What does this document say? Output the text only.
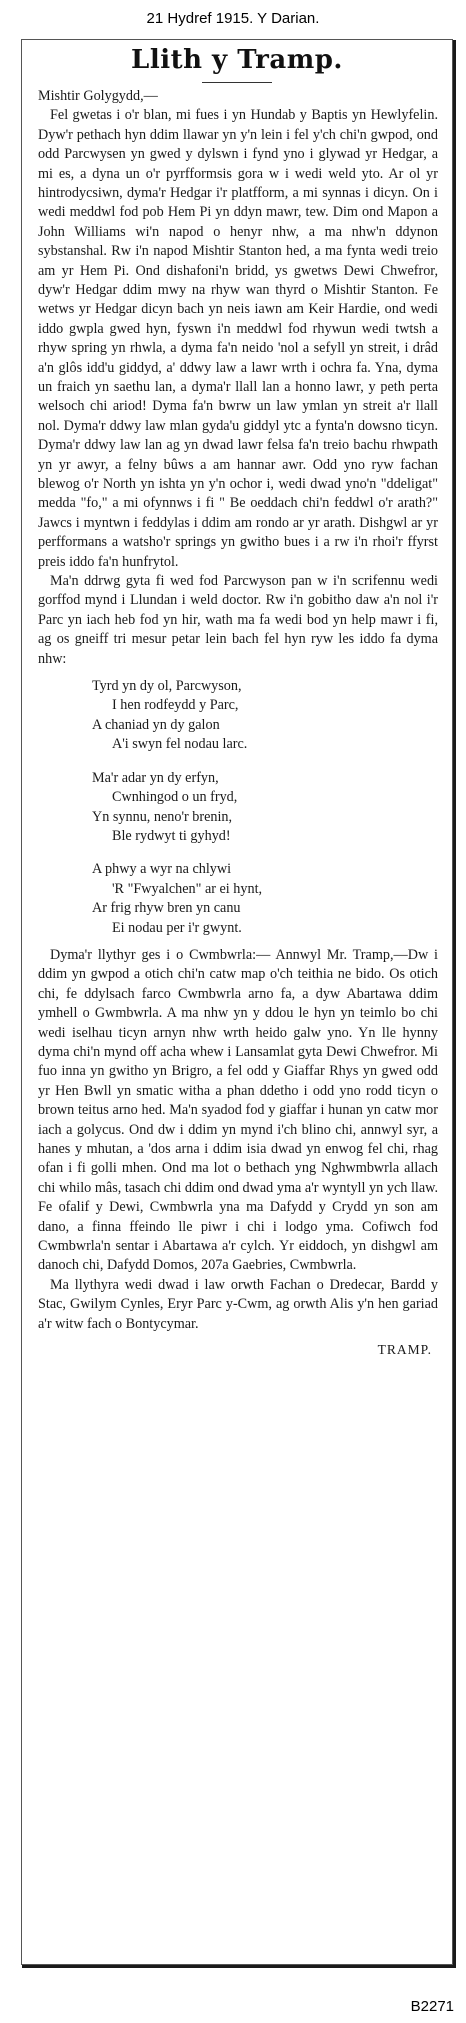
21 Hydref 1915. Y Darian.
Llith y Tramp.

Mishtir Golygydd,—

Fel gwetas i o'r blan, mi fues i yn Hundab y Baptis yn Hewlyfelin. Dyw'r pethach hyn ddim llawar yn y'n lein i fel y'ch chi'n gwpod, ond odd Parcwysen yn gwed y dylswn i fynd yno i glywad yr Hedgar, a mi es, a dyna un o'r pyrfformsis gora w i wedi weld yto. Ar ol yr hintrodycsiwn, dyma'r Hedgar i'r platfform, a mi synnas i dicyn. On i wedi meddwl fod pob Hem Pi yn ddyn mawr, tew. Dim ond Mapon a John Williams wi'n napod o henyr nhw, a ma nhw'n ddynon sybstanshal. Rw i'n napod Mishtir Stanton hed, a ma fynta wedi treio am yr Hem Pi. Ond dishafoni'n bridd, ys gwetws Dewi Chwefror, dyw'r Hedgar ddim mwy na rhyw wan thyrd o Mishtir Stanton. Fe wetws yr Hedgar dicyn bach yn neis iawn am Keir Hardie, ond wedi iddo gwpla gwed hyn, fyswn i'n meddwl fod rhywun wedi twtsh a rhyw spring yn rhwla, a dyma fa'n neido 'nol a sefyll yn streit, i drâd a'n glôs idd'u giddyd, a' ddwy law a lawr wrth i ochra fa. Yna, dyma un fraich yn saethu lan, a dyma'r llall lan a honno lawr, y peth perta welsoch chi ariod! Dyma fa'n bwrw un law ymlan yn streit a'r llall nol. Dyma'r ddwy law mlan gyda'u giddyl ytc a fynta'n dowsno ticyn. Dyma'r ddwy law lan ag yn dwad lawr felsa fa'n treio bachu rhwpath yn yr awyr, a felny bûws a am hannar awr. Odd yno ryw fachan blewog o'r North yn ishta yn y'n ochor i, wedi dwad yno'n "ddeligat" medda "fo," a mi ofynnws i fi " Be oeddach chi'n feddwl o'r arath?" Jawcs i myntwn i feddylas i ddim am rondo ar yr arath. Dishgwl ar yr perfformans a watsho'r springs yn gwitho bues i a rw i'n rhoi'r ffyrst preis iddo fa'n hunfrytol.

Ma'n ddrwg gyta fi wed fod Parcwyson pan w i'n scrifennu wedi gorffod mynd i Llundan i weld doctor. Rw i'n gobitho daw a'n nol i'r Parc yn iach heb fod yn hir, wath ma fa wedi bod yn help mawr i fi, ag os gneiff tri mesur petar lein bach fel hyn ryw les iddo fa dyma nhw:

Tyrd yn dy ol, Parcwyson,
I hen rodfeydd y Parc,
A chaniad yn dy galon
A'i swyn fel nodau larc.
Ma'r adar yn dy erfyn,
Cwnhingod o un fryd,
Yn synnu, neno'r brenin,
Ble rydwyt ti gyhyd!
A phwy a wyr na chlywi
'R "Fwyalchen" ar ei hynt,
Ar frig rhyw bren yn canu
Ei nodau per i'r gwynt.

Dyma'r llythyr ges i o Cwmbwrla:— Annwyl Mr. Tramp,—Dw i ddim yn gwpod a otich chi'n catw map o'ch teithia ne bido. Os otich chi, fe ddylsach farco Cwmbwrla arno fa, a dyw Abartawa ddim ymhell o Gwmbwrla. A ma nhw yn y ddou le hyn yn teimlo bo chi wedi iselhau ticyn arnyn nhw wrth heido galw yno. Yn lle hynny dyma chi'n mynd off acha whew i Lansamlat gyta Dewi Chwefror. Mi fuo inna yn gwitho yn Brigro, a fel odd y Giaffar Rhys yn gwed odd yr Hen Bwll yn smatic witha a phan ddetho i odd yno rodd ticyn o brown teitus arno hed. Ma'n syadod fod y giaffar i hunan yn catw mor iach a golycus. Ond dw i ddim yn mynd i'ch blino chi, annwyl syr, a hanes y mhutan, a 'dos arna i ddim isia dwad yn enwog fel chi, rhag ofan i fi golli mhen. Ond ma lot o bethach yng Nghwmbwrla allach chi whilo mâs, tasach chi ddim ond dwad yma a'r wyntyll yn ych llaw. Fe ofalif y Dewi, Cwmbwrla yna ma Dafydd y Crydd yn son am dano, a finna ffeindo lle piwr i chi i lodgo yma. Cofiwch fod Cwmbwrla'n sentar i Abartawa a'r cylch. Yr eiddoch, yn dishgwl am danoch chi, Dafydd Domos, 207a Gaebries, Cwmbwrla.

Ma llythyra wedi dwad i law orwth Fachan o Dredecar, Bardd y Stac, Gwilym Cynles, Eryr Parc y-Cwm, ag orwth Alis y'n hen gariad a'r witw fach o Bontycymar.

TRAMP.
B2271
